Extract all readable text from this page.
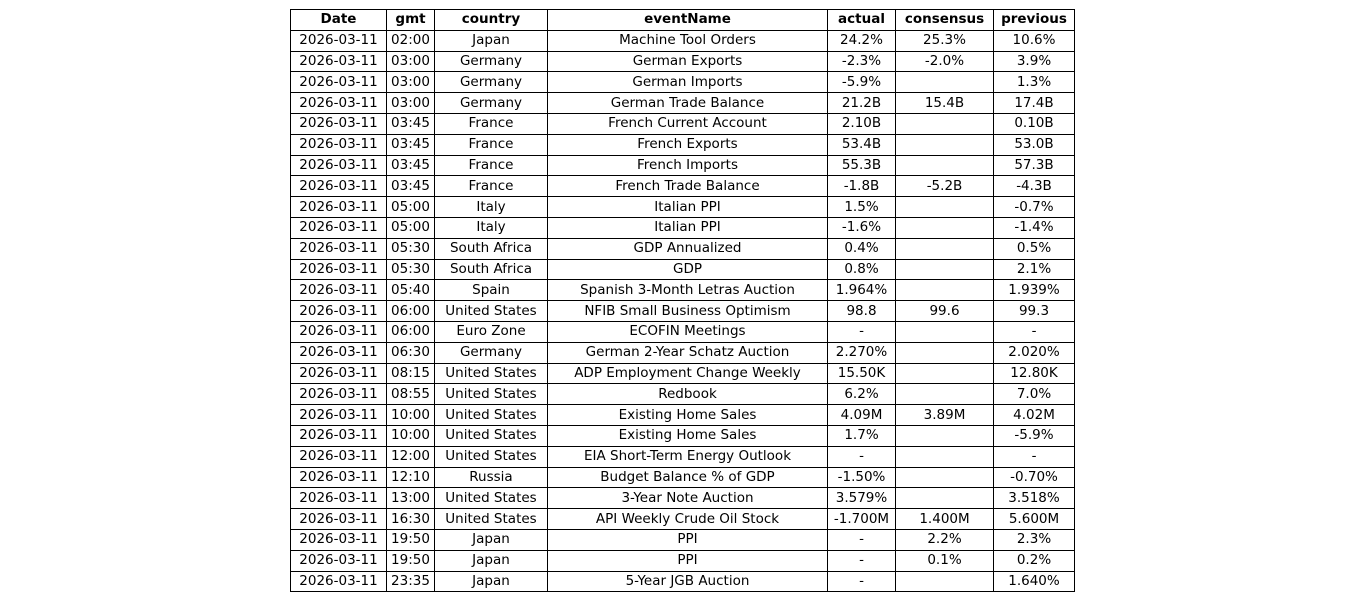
Date	gmt	country	eventName	actual	consensus	previous
2026-03-11	02:00	Japan	Machine Tool Orders	24.2%	25.3%	10.6%
2026-03-11	03:00	Germany	German Exports	-2.3%	-2.0%	3.9%
2026-03-11	03:00	Germany	German Imports	-5.9%		1.3%
2026-03-11	03:00	Germany	German Trade Balance	21.2B	15.4B	17.4B
2026-03-11	03:45	France	French Current Account	2.10B		0.10B
2026-03-11	03:45	France	French Exports	53.4B		53.0B
2026-03-11	03:45	France	French Imports	55.3B		57.3B
2026-03-11	03:45	France	French Trade Balance	-1.8B	-5.2B	-4.3B
2026-03-11	05:00	Italy	Italian PPI	1.5%		-0.7%
2026-03-11	05:00	Italy	Italian PPI	-1.6%		-1.4%
2026-03-11	05:30	South Africa	GDP Annualized	0.4%		0.5%
2026-03-11	05:30	South Africa	GDP	0.8%		2.1%
2026-03-11	05:40	Spain	Spanish 3-Month Letras Auction	1.964%		1.939%
2026-03-11	06:00	United States	NFIB Small Business Optimism	98.8	99.6	99.3
2026-03-11	06:00	Euro Zone	ECOFIN Meetings	-		-
2026-03-11	06:30	Germany	German 2-Year Schatz Auction	2.270%		2.020%
2026-03-11	08:15	United States	ADP Employment Change Weekly	15.50K		12.80K
2026-03-11	08:55	United States	Redbook	6.2%		7.0%
2026-03-11	10:00	United States	Existing Home Sales	4.09M	3.89M	4.02M
2026-03-11	10:00	United States	Existing Home Sales	1.7%		-5.9%
2026-03-11	12:00	United States	EIA Short-Term Energy Outlook	-		-
2026-03-11	12:10	Russia	Budget Balance % of GDP	-1.50%		-0.70%
2026-03-11	13:00	United States	3-Year Note Auction	3.579%		3.518%
2026-03-11	16:30	United States	API Weekly Crude Oil Stock	-1.700M	1.400M	5.600M
2026-03-11	19:50	Japan	PPI	-	2.2%	2.3%
2026-03-11	19:50	Japan	PPI	-	0.1%	0.2%
2026-03-11	23:35	Japan	5-Year JGB Auction	-		1.640%
